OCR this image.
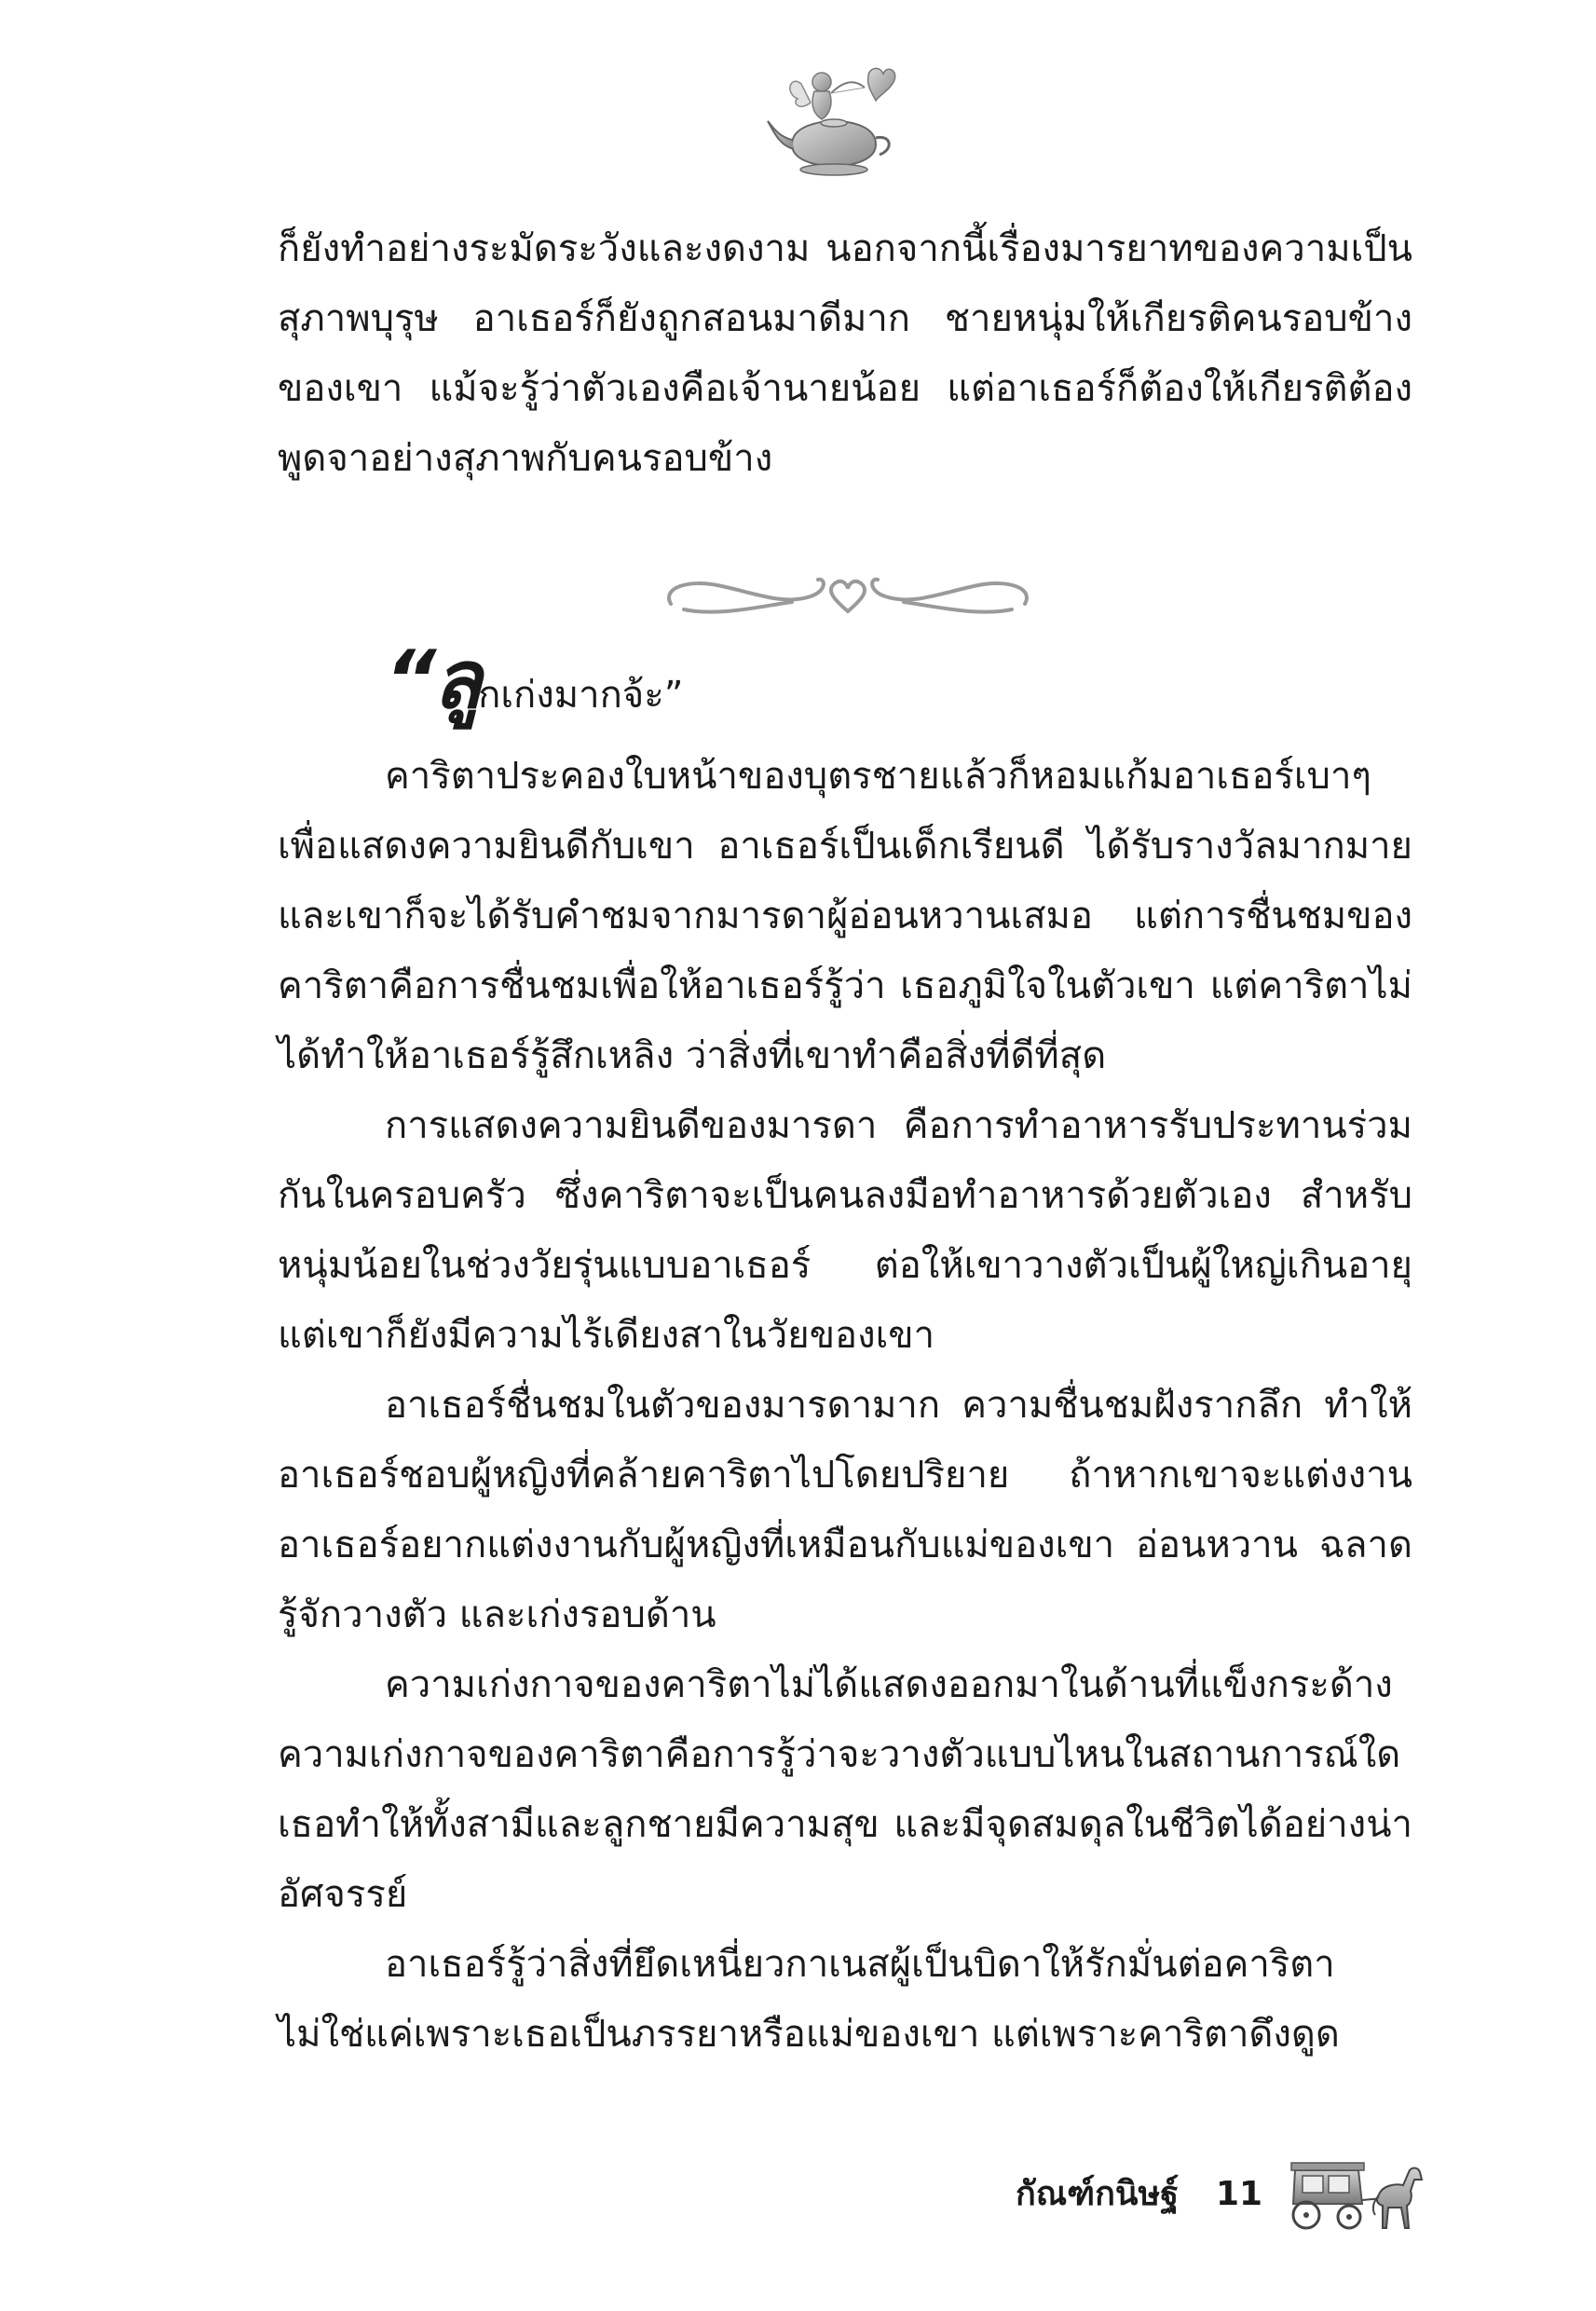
ก็ยังทำอย่างระมัดระวังและงดงาม นอกจากนี้เรื่องมารยาทของความเป็นสุภาพบุรุษ อาเธอร์ก็ยังถูกสอนมาดีมาก ชายหนุ่มให้เกียรติคนรอบข้างของเขา แม้จะรู้ว่าตัวเองคือเจ้านายน้อย แต่อาเธอร์ก็ต้องให้เกียรติต้องพูดจาอย่างสุภาพกับคนรอบข้าง

“ลูกเก่งมากจ้ะ”

คาริตาประคองใบหน้าของบุตรชายแล้วก็หอมแก้มอาเธอร์เบาๆ เพื่อแสดงความยินดีกับเขา อาเธอร์เป็นเด็กเรียนดี ได้รับรางวัลมากมาย และเขาก็จะได้รับคำชมจากมารดาผู้อ่อนหวานเสมอ แต่การชื่นชมของคาริตาคือการชื่นชมเพื่อให้อาเธอร์รู้ว่า เธอภูมิใจในตัวเขา แต่คาริตาไม่ได้ทำให้อาเธอร์รู้สึกเหลิง ว่าสิ่งที่เขาทำคือสิ่งที่ดีที่สุด

การแสดงความยินดีของมารดา คือการทำอาหารรับประทานร่วมกันในครอบครัว ซึ่งคาริตาจะเป็นคนลงมือทำอาหารด้วยตัวเอง สำหรับหนุ่มน้อยในช่วงวัยรุ่นแบบอาเธอร์ ต่อให้เขาวางตัวเป็นผู้ใหญ่เกินอายุ แต่เขาก็ยังมีความไร้เดียงสาในวัยของเขา

อาเธอร์ชื่นชมในตัวของมารดามาก ความชื่นชมฝังรากลึก ทำให้อาเธอร์ชอบผู้หญิงที่คล้ายคาริตาไปโดยปริยาย ถ้าหากเขาจะแต่งงาน อาเธอร์อยากแต่งงานกับผู้หญิงที่เหมือนกับแม่ของเขา อ่อนหวาน ฉลาด รู้จักวางตัว และเก่งรอบด้าน

ความเก่งกาจของคาริตาไม่ได้แสดงออกมาในด้านที่แข็งกระด้าง ความเก่งกาจของคาริตาคือการรู้ว่าจะวางตัวแบบไหนในสถานการณ์ใด เธอทำให้ทั้งสามีและลูกชายมีความสุข และมีจุดสมดุลในชีวิตได้อย่างน่าอัศจรรย์

อาเธอร์รู้ว่าสิ่งที่ยึดเหนี่ยวกาเนสผู้เป็นบิดาให้รักมั่นต่อคาริตาไม่ใช่แค่เพราะเธอเป็นภรรยาหรือแม่ของเขา แต่เพราะคาริตาดึงดูด

กัณฑ์กนิษฐ์ 11
